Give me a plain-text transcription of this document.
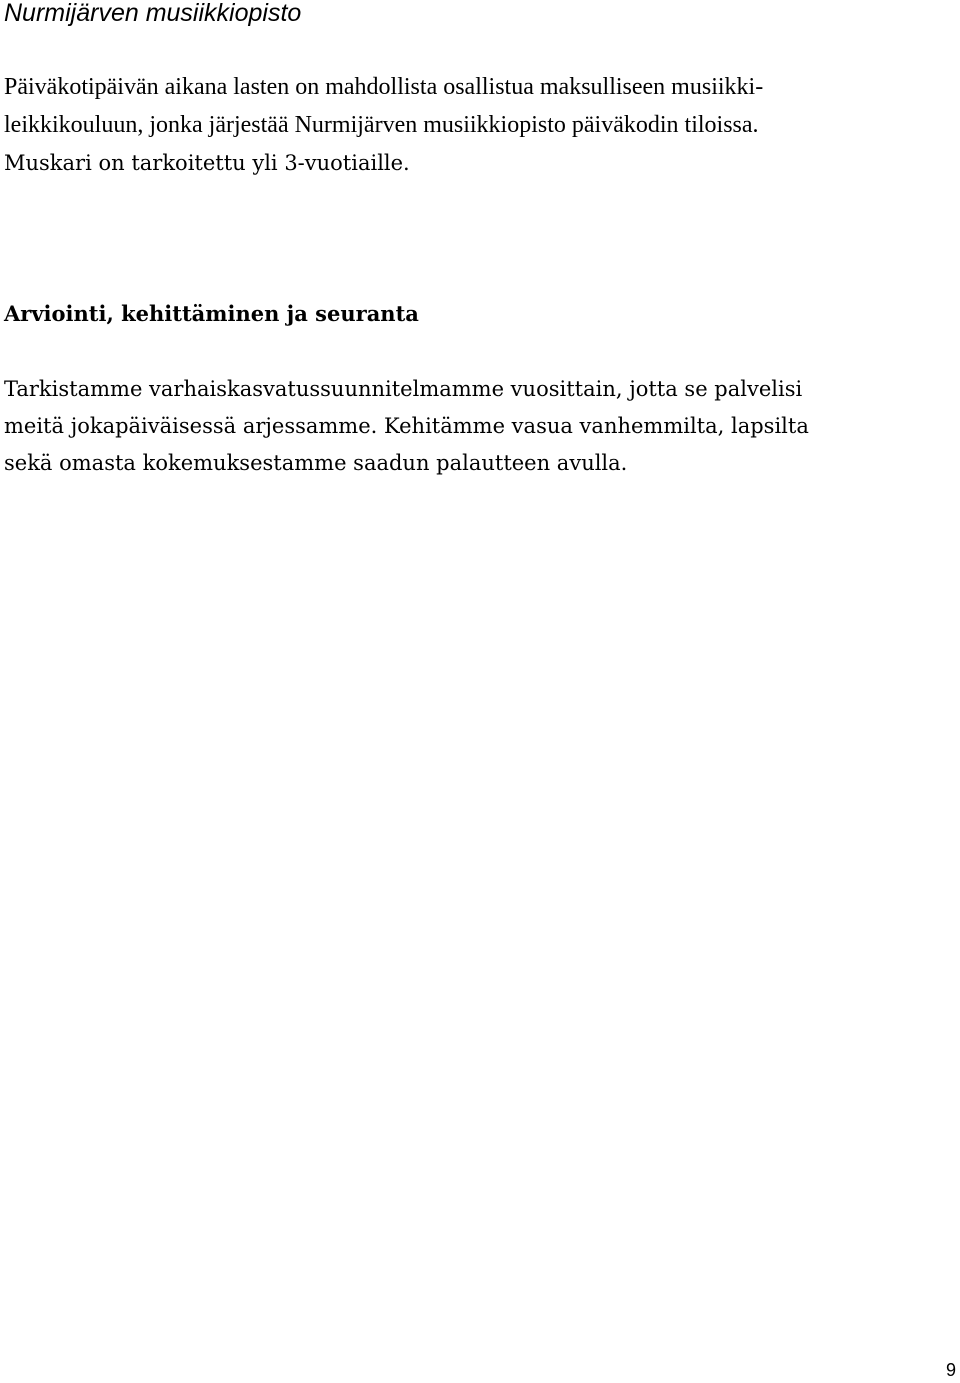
Nurmijärven musiikkiopisto
Päiväkotipäivän aikana lasten on mahdollista osallistua maksulliseen musiikki-
leikkikouluun, jonka järjestää Nurmijärven musiikkiopisto päiväkodin tiloissa.
Muskari on tarkoitettu yli 3-vuotiaille.
Arviointi, kehittäminen ja seuranta
Tarkistamme varhaiskasvatussuunnitelmamme vuosittain, jotta se palvelisi
meitä jokapäiväisessä arjessamme. Kehitämme vasua vanhemmilta, lapsilta
sekä omasta kokemuksestamme saadun palautteen avulla.
9
